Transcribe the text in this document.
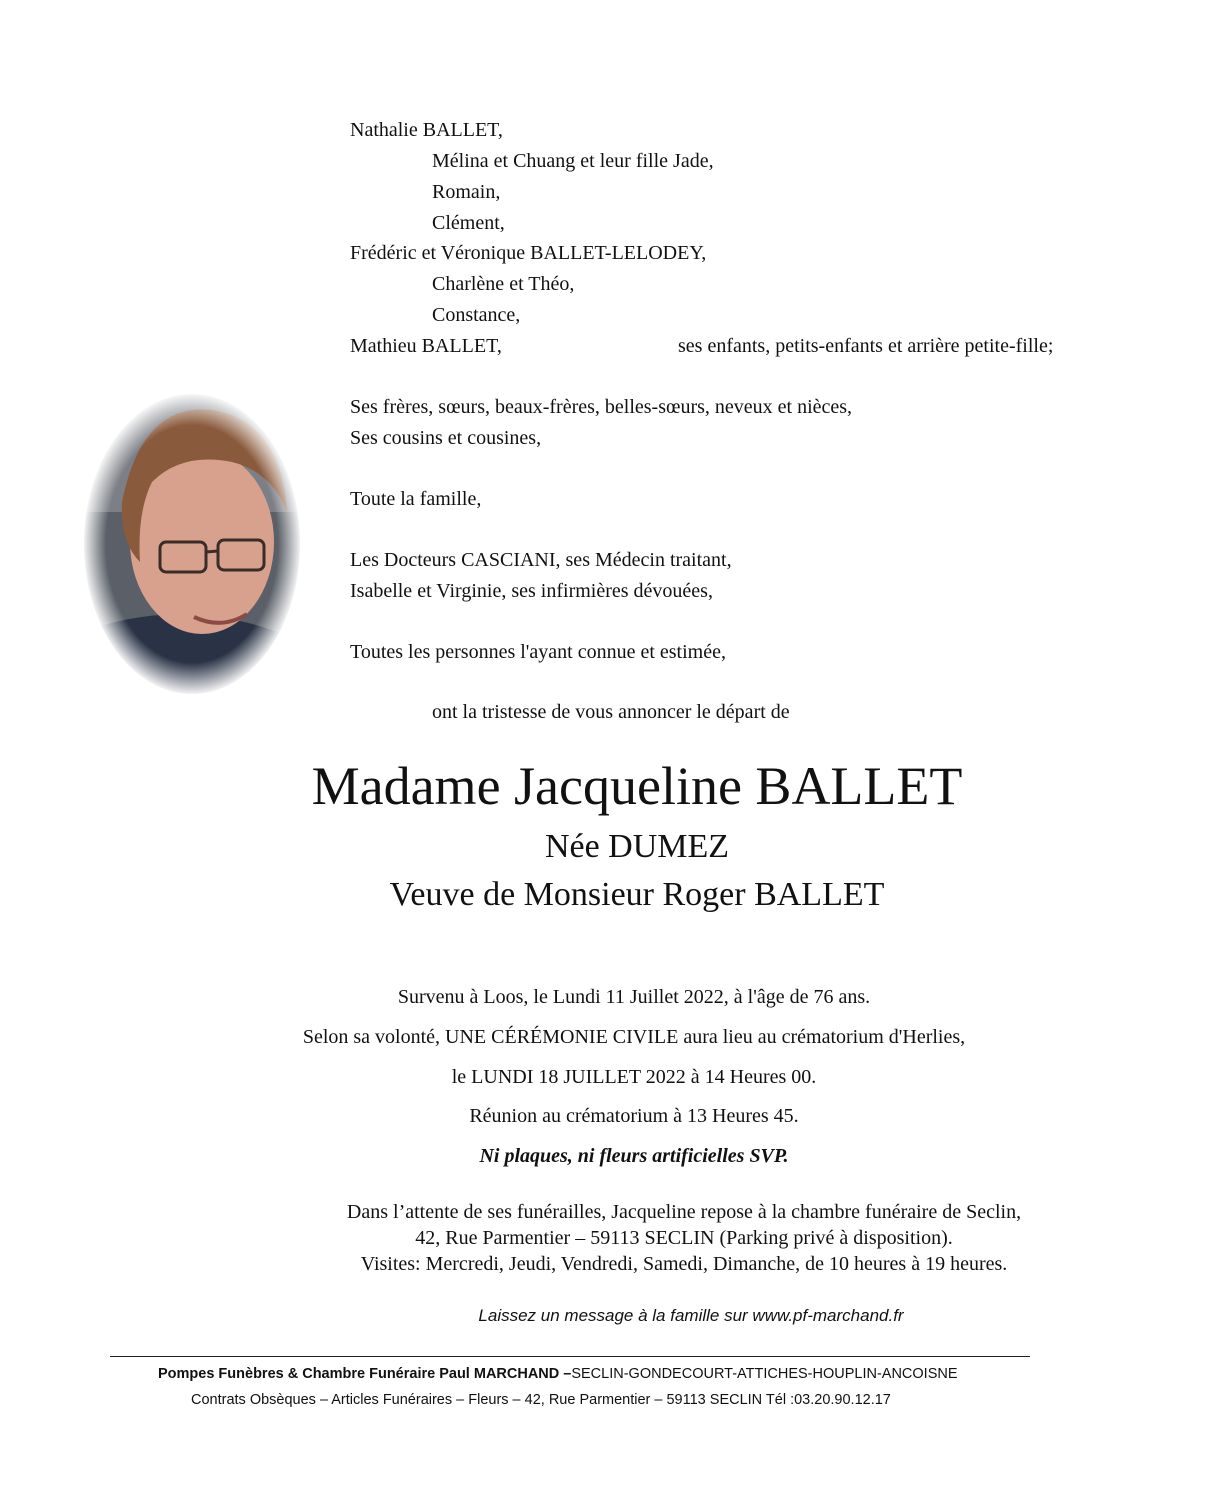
Nathalie BALLET,
Mélina et Chuang et leur fille Jade,
Romain,
Clément,
Frédéric et Véronique BALLET-LELODEY,
Charlène et Théo,
Constance,
Mathieu BALLET,	ses enfants, petits-enfants et arrière petite-fille;
Ses frères, sœurs, beaux-frères, belles-sœurs, neveux et nièces,
Ses cousins et cousines,
Toute la famille,
Les Docteurs CASCIANI, ses Médecin traitant,
Isabelle et Virginie, ses infirmières dévouées,
Toutes les personnes l'ayant connue et estimée,
ont la tristesse de vous annoncer le départ de
Madame Jacqueline BALLET
Née DUMEZ
Veuve de Monsieur Roger BALLET
Survenu à Loos, le Lundi 11 Juillet 2022, à l'âge de 76 ans.
Selon sa volonté, UNE CÉRÉMONIE CIVILE aura lieu au crématorium d'Herlies,
le LUNDI 18 JUILLET 2022 à 14 Heures 00.
Réunion au crématorium à 13 Heures 45.
Ni plaques, ni fleurs artificielles SVP.
Dans l’attente de ses funérailles, Jacqueline repose à la chambre funéraire de Seclin,
42, Rue Parmentier – 59113 SECLIN (Parking privé à disposition).
Visites: Mercredi, Jeudi, Vendredi, Samedi, Dimanche, de 10 heures à 19 heures.
Laissez un message à la famille sur www.pf-marchand.fr
Pompes Funèbres & Chambre Funéraire Paul MARCHAND –SECLIN-GONDECOURT-ATTICHES-HOUPLIN-ANCOISNE
Contrats Obsèques – Articles Funéraires – Fleurs – 42, Rue Parmentier – 59113 SECLIN Tél :03.20.90.12.17
